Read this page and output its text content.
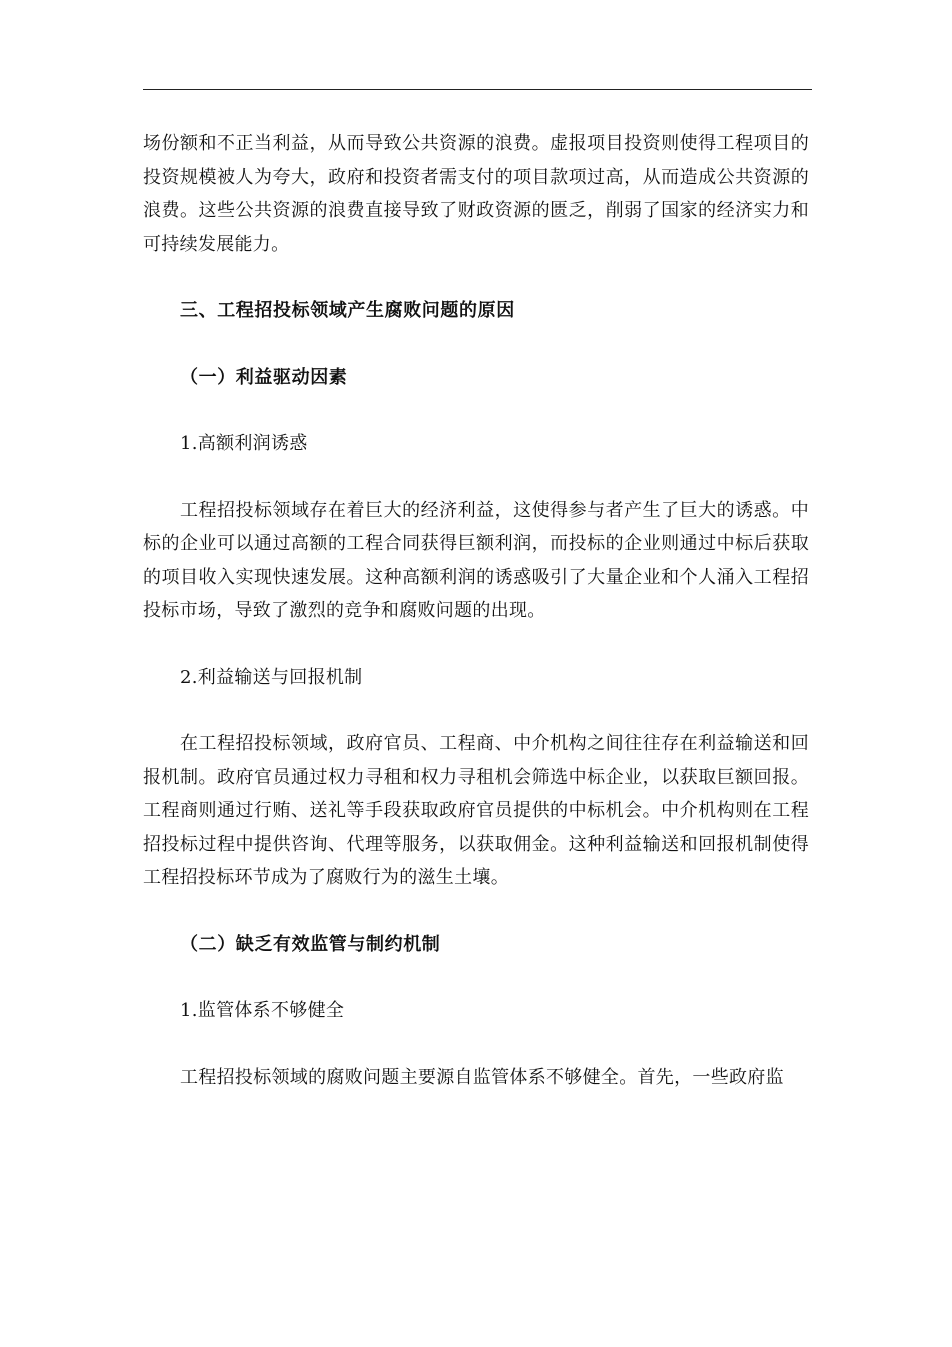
场份额和不正当利益，从而导致公共资源的浪费。虚报项目投资则使得工程项目的投资规模被人为夸大，政府和投资者需支付的项目款项过高，从而造成公共资源的浪费。这些公共资源的浪费直接导致了财政资源的匮乏，削弱了国家的经济实力和可持续发展能力。

三、工程招投标领域产生腐败问题的原因

（一）利益驱动因素

1.高额利润诱惑

工程招投标领域存在着巨大的经济利益，这使得参与者产生了巨大的诱惑。中标的企业可以通过高额的工程合同获得巨额利润，而投标的企业则通过中标后获取的项目收入实现快速发展。这种高额利润的诱惑吸引了大量企业和个人涌入工程招投标市场，导致了激烈的竞争和腐败问题的出现。

2.利益输送与回报机制

在工程招投标领域，政府官员、工程商、中介机构之间往往存在利益输送和回报机制。政府官员通过权力寻租和权力寻租机会筛选中标企业，以获取巨额回报。工程商则通过行贿、送礼等手段获取政府官员提供的中标机会。中介机构则在工程招投标过程中提供咨询、代理等服务，以获取佣金。这种利益输送和回报机制使得工程招投标环节成为了腐败行为的滋生土壤。

（二）缺乏有效监管与制约机制

1.监管体系不够健全

工程招投标领域的腐败问题主要源自监管体系不够健全。首先，一些政府监
